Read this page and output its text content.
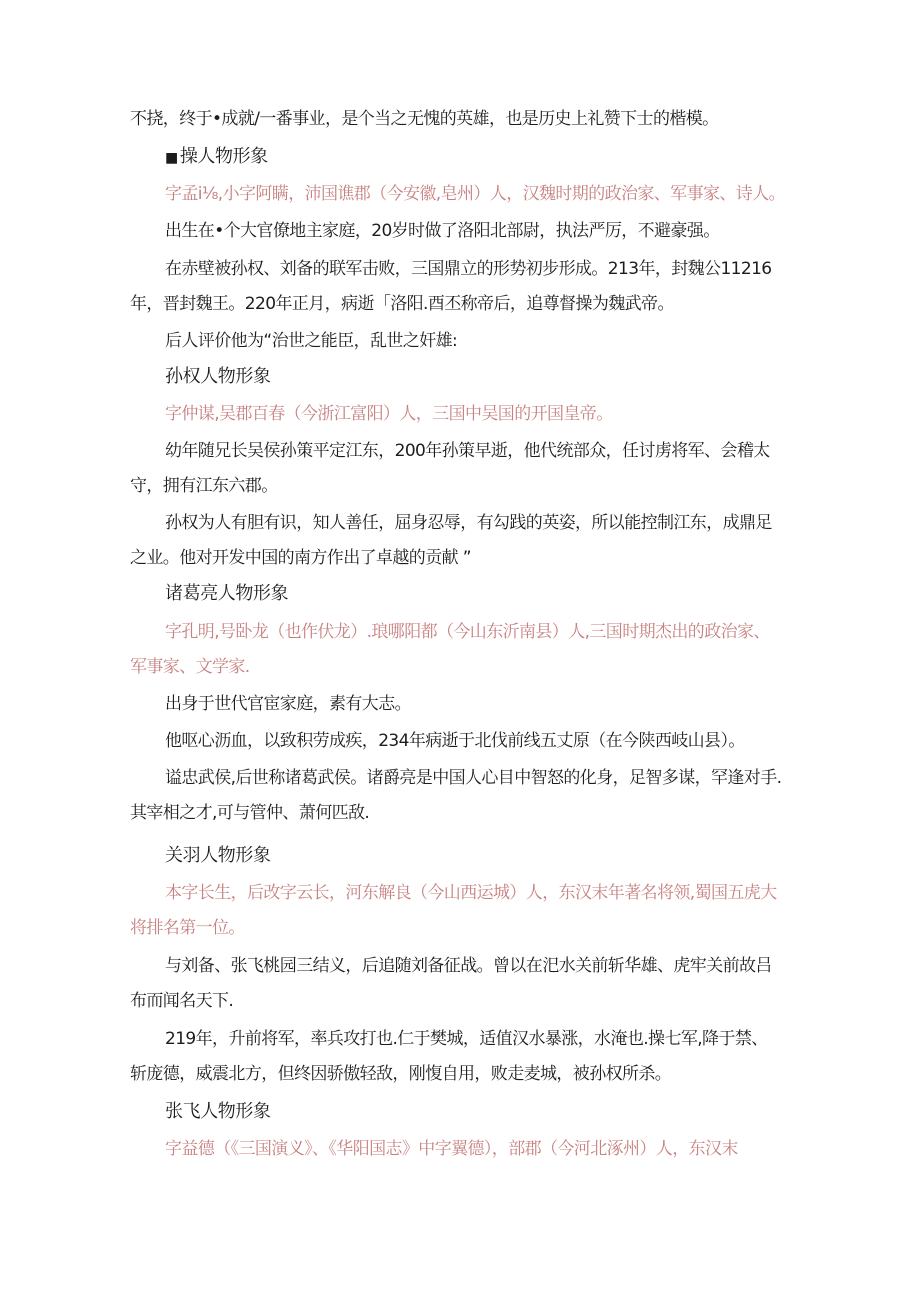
不挠，终于•成就/一番事业，是个当之无愧的英雄，也是历史上礼赞下士的楷模。
■ 操人物形象
字孟i⅛,小字阿瞒，沛国谯郡（今安徽,皂州）人，汉魏时期的政治家、军事家、诗人。
出生在•个大官僚地主家庭，20岁时做了洛阳北部尉，执法严厉，不避豪强。
在赤壁被孙权、刘备的联军击败，三国鼎立的形势初步形成。213年，封魏公11216
年，晋封魏王。220年正月，病逝「洛阳.酉丕称帝后，追尊督操为魏武帝。
后人评价他为“治世之能臣，乱世之奸雄:
孙权人物形象
字仲谋,吴郡百春（今浙江富阳）人，三国中吴国的开国皇帝。
幼年随兄长吴侯孙策平定江东，200年孙策早逝，他代统部众，任讨虏将军、会稽太
守，拥有江东六郡。
孙权为人有胆有识，知人善任，屈身忍辱，有勾践的英姿，所以能控制江东，成鼎足
之业。他对开发中国的南方作出了卓越的贡献 ”
诸葛亮人物形象
字孔明,号卧龙（也作伏龙）.琅哪阳都（今山东沂南县）人,三国时期杰出的政治家、
军事家、文学家.
出身于世代官宦家庭，素有大志。
他呕心沥血，以致积劳成疾，234年病逝于北伐前线五丈原（在今陕西岐山县）。
谥忠武侯,后世称诸葛武侯。诸爵亮是中国人心目中智怒的化身，足智多谋，罕逢对手.
其宰相之才,可与管仲、萧何匹敌.
关羽人物形象
本字长生，后改字云长，河东解良（今山西运城）人，东汉末年著名将领,蜀国五虎大
将排名第一位。
与刘备、张飞桃园三结义，后追随刘备征战。曾以在汜水关前斩华雄、虎牢关前故吕
布而闻名天下.
219年，升前将军，率兵攻打也.仁于樊城，适值汉水暴涨，水淹也.操七军,降于禁、
斩庞德，威震北方，但终因骄傲轻敌，刚愎自用，败走麦城，被孙权所杀。
张飞人物形象
字益德（《三国演义》、《华阳国志》中字翼德），部郡（今河北涿州）人，东汉末
